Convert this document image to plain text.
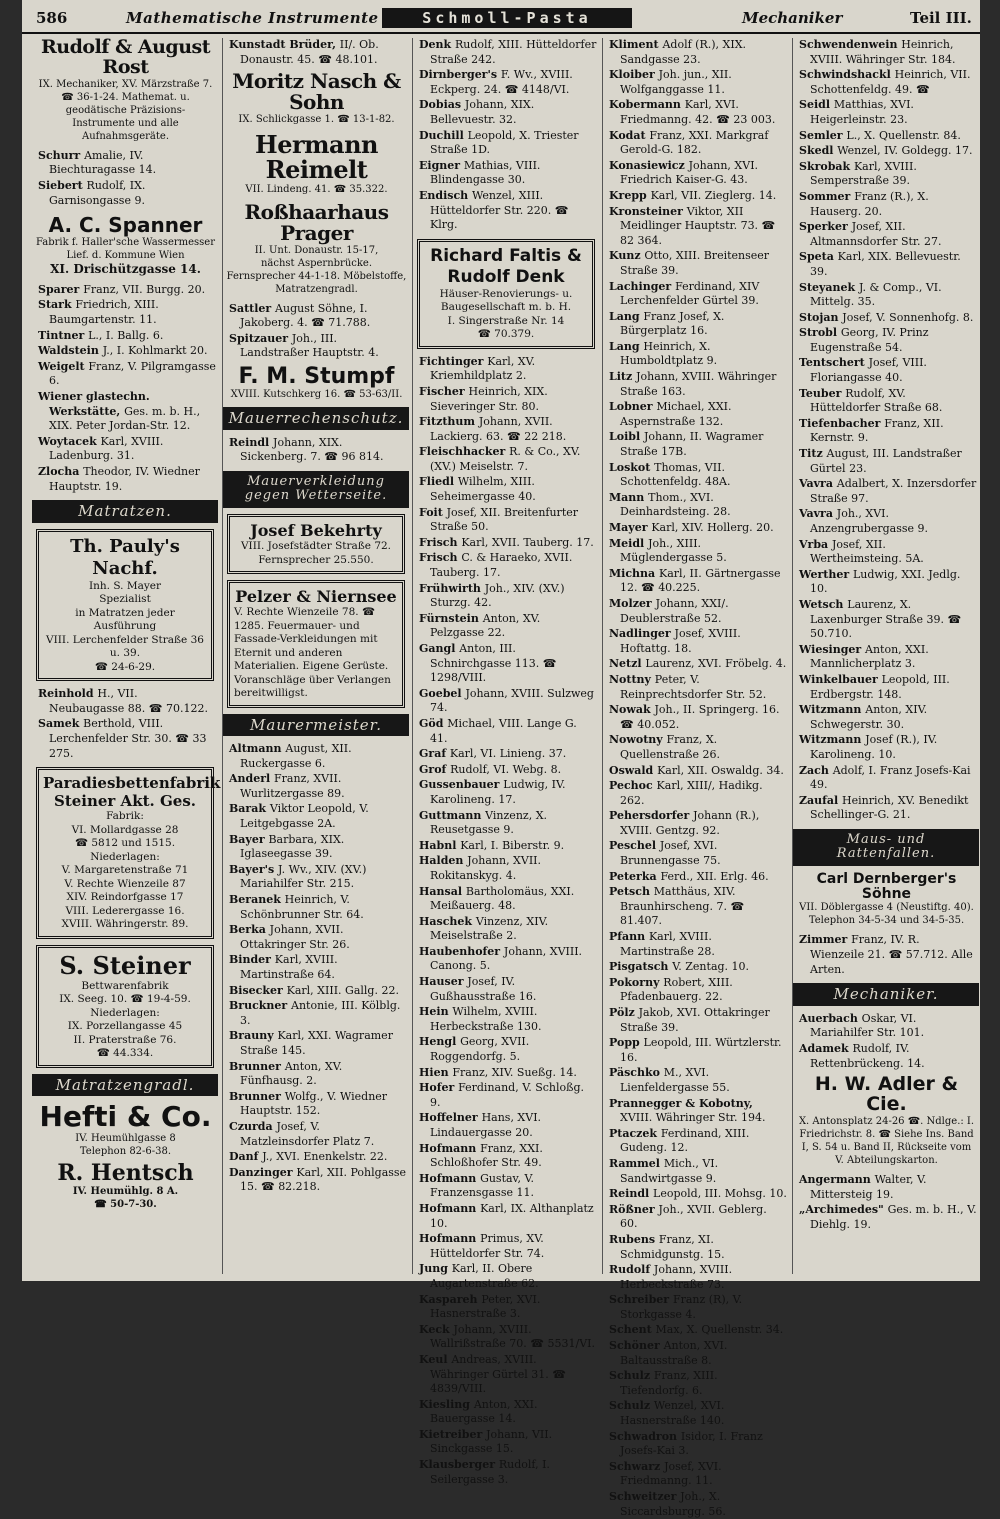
586	Mathematische Instrumente	Schmoll-Pasta	Mechaniker	Teil III.
Rudolf & August Rost
IX. Mechaniker, XV. Märzstraße 7. ☎ 36-1-24. Mathemat. u. geodätische Präzisions-Instrumente und alle Aufnahmsgeräte.
Schurr Amalie, IV. Biechturagasse 14.
Siebert Rudolf, IX. Garnisongasse 9.
A. C. Spanner
Fabrik f. Haller'sche Wassermesser Lief. d. Kommune Wien
XI. Drischützgasse 14.
Sparer Franz, VII. Burgg. 20.
Stark Friedrich, XIII. Baumgartenstr. 11.
Tintner L., I. Ballg. 6.
Waldstein J., I. Kohlmarkt 20.
Weigelt Franz, V. Pilgramgasse 6.
Wiener glastechn. Werkstätte, Ges. m. b. H., XIX. Peter Jordan-Str. 12.
Woytacek Karl, XVIII. Ladenburg. 31.
Zlocha Theodor, IV. Wiedner Hauptstr. 19.
Matratzen.
Th. Pauly's Nachf.
Inh. S. Mayer
Spezialist
in Matratzen jeder Ausführung
VIII. Lerchenfelder Straße 36 u. 39.
☎ 24-6-29.
Reinhold H., VII. Neubaugasse 88. ☎ 70.122.
Samek Berthold, VIII. Lerchenfelder Str. 30. ☎ 33 275.
Paradiesbettenfabrik Steiner Akt. Ges.
Fabrik:
VI. Mollardgasse 28
☎ 5812 und 1515.
Niederlagen:
V. Margaretenstraße 71
V. Rechte Wienzeile 87
XIV. Reindorfgasse 17
VIII. Lederergasse 16.
XVIII. Währingerstr. 89.
S. Steiner
Bettwarenfabrik
IX. Seeg. 10. ☎ 19-4-59.
Niederlagen:
IX. Porzellangasse 45
II. Praterstraße 76.
☎ 44.334.
Matratzengradl.
Hefti & Co.
IV. Heumühlgasse 8
Telephon 82-6-38.
R. Hentsch
IV. Heumühlg. 8 A.
☎ 50-7-30.
Kunstadt Brüder, II/. Ob. Donaustr. 45. ☎ 48.101.
Moritz Nasch & Sohn
IX. Schlickgasse 1. ☎ 13-1-82.
Hermann Reimelt
VII. Lindeng. 41. ☎ 35.322.
Roßhaarhaus Prager
II. Unt. Donaustr. 15-17,
nächst Aspernbrücke. Fernsprecher 44-1-18. Möbelstoffe, Matratzengradl.
Sattler August Söhne, I. Jakoberg. 4. ☎ 71.788.
Spitzauer Joh., III. Landstraßer Hauptstr. 4.
F. M. Stumpf
XVIII. Kutschkerg 16. ☎ 53-63/II.
Mauerrechenschutz.
Reindl Johann, XIX. Sickenberg. 7. ☎ 96 814.
Mauerverkleidung gegen Wetterseite.
Josef Bekehrty
VIII. Josefstädter Straße 72.
Fernsprecher 25.550.
Pelzer & Niernsee
V. Rechte Wienzeile 78. ☎ 1285. Feuermauer- und Fassade-Verkleidungen mit Eternit und anderen Materialien. Eigene Gerüste. Voranschläge über Verlangen bereitwilligst.
Maurermeister.
Altmann August, XII. Ruckergasse 6.
Anderl Franz, XVII. Wurlitzergasse 89.
Barak Viktor Leopold, V. Leitgebgasse 2A.
Bayer Barbara, XIX. Iglaseegasse 39.
Bayer's J. Wv., XIV. (XV.) Mariahilfer Str. 215.
Beranek Heinrich, V. Schönbrunner Str. 64.
Berka Johann, XVII. Ottakringer Str. 26.
Binder Karl, XVIII. Martinstraße 64.
Bisecker Karl, XIII. Gallg. 22.
Bruckner Antonie, III. Kölblg. 3.
Brauny Karl, XXI. Wagramer Straße 145.
Brunner Anton, XV. Fünfhausg. 2.
Brunner Wolfg., V. Wiedner Hauptstr. 152.
Czurda Josef, V. Matzleinsdorfer Platz 7.
Danf J., XVI. Enenkelstr. 22.
Danzinger Karl, XII. Pohlgasse 15. ☎ 82.218.
Denk Rudolf, XIII. Hütteldorfer Straße 242.
Dirnberger's F. Wv., XVIII. Eckperg. 24. ☎ 4148/VI.
Dobias Johann, XIX. Bellevuestr. 32.
Duchill Leopold, X. Triester Straße 1D.
Eigner Mathias, VIII. Blindengasse 30.
Endisch Wenzel, XIII. Hütteldorfer Str. 220. ☎ Klrg.
Richard Faltis & Rudolf Denk
Häuser-Renovierungs- u. Baugesellschaft m. b. H.
I. Singerstraße Nr. 14
☎ 70.379.
Fichtinger Karl, XV. Kriemhildplatz 2.
Fischer Heinrich, XIX. Sieveringer Str. 80.
Fitzthum Johann, XVII. Lackierg. 63. ☎ 22 218.
Fleischhacker R. & Co., XV. (XV.) Meiselstr. 7.
Fliedl Wilhelm, XIII. Seheimergasse 40.
Foit Josef, XII. Breitenfurter Straße 50.
Frisch Karl, XVII. Tauberg. 17.
Frisch C. & Haraeko, XVII. Tauberg. 17.
Frühwirth Joh., XIV. (XV.) Sturzg. 42.
Fürnstein Anton, XV. Pelzgasse 22.
Gangl Anton, III. Schnirchgasse 113. ☎ 1298/VIII.
Goebel Johann, XVIII. Sulzweg 74.
Göd Michael, VIII. Lange G. 41.
Graf Karl, VI. Linieng. 37.
Grof Rudolf, VI. Webg. 8.
Gussenbauer Ludwig, IV. Karolineng. 17.
Guttmann Vinzenz, X. Reusetgasse 9.
Habnl Karl, I. Biberstr. 9.
Halden Johann, XVII. Rokitanskyg. 4.
Hansal Bartholomäus, XXI. Meißauerg. 48.
Haschek Vinzenz, XIV. Meiselstraße 2.
Haubenhofer Johann, XVIII. Canong. 5.
Hauser Josef, IV. Gußhausstraße 16.
Hein Wilhelm, XVIII. Herbeckstraße 130.
Hengl Georg, XVII. Roggendorfg. 5.
Hien Franz, XIV. Sueßg. 14.
Hofer Ferdinand, V. Schloßg. 9.
Hoffelner Hans, XVI. Lindauergasse 20.
Hofmann Franz, XXI. Schloßhofer Str. 49.
Hofmann Gustav, V. Franzensgasse 11.
Hofmann Karl, IX. Althanplatz 10.
Hofmann Primus, XV. Hütteldorfer Str. 74.
Jung Karl, II. Obere Augartenstraße 62.
Kaspareh Peter, XVI. Hasnerstraße 3.
Keck Johann, XVIII. Wallrißstraße 70. ☎ 5531/VI.
Keul Andreas, XVIII. Währinger Gürtel 31. ☎ 4839/VIII.
Kiesling Anton, XXI. Bauergasse 14.
Kietreiber Johann, VII. Sinckgasse 15.
Klausberger Rudolf, I. Seilergasse 3.
Kliment Adolf (R.), XIX. Sandgasse 23.
Kloiber Joh. jun., XII. Wolfganggasse 11.
Kobermann Karl, XVI. Friedmanng. 42. ☎ 23 003.
Kodat Franz, XXI. Markgraf Gerold-G. 182.
Konasiewicz Johann, XVI. Friedrich Kaiser-G. 43.
Krepp Karl, VII. Zieglerg. 14.
Kronsteiner Viktor, XII Meidlinger Hauptstr. 73. ☎ 82 364.
Kunz Otto, XIII. Breitenseer Straße 39.
Lachinger Ferdinand, XIV Lerchenfelder Gürtel 39.
Lang Franz Josef, X. Bürgerplatz 16.
Lang Heinrich, X. Humboldtplatz 9.
Litz Johann, XVIII. Währinger Straße 163.
Lobner Michael, XXI. Aspernstraße 132.
Loibl Johann, II. Wagramer Straße 17B.
Loskot Thomas, VII. Schottenfeldg. 48A.
Mann Thom., XVI. Deinhardsteing. 28.
Mayer Karl, XIV. Hollerg. 20.
Meidl Joh., XIII. Müglendergasse 5.
Michna Karl, II. Gärtnergasse 12. ☎ 40.225.
Molzer Johann, XXI/. Deublerstraße 52.
Nadlinger Josef, XVIII. Hoftattg. 18.
Netzl Laurenz, XVI. Fröbelg. 4.
Nottny Peter, V. Reinprechtsdorfer Str. 52.
Nowak Joh., II. Springerg. 16. ☎ 40.052.
Nowotny Franz, X. Quellenstraße 26.
Oswald Karl, XII. Oswaldg. 34.
Pechoc Karl, XIII/, Hadikg. 262.
Pehersdorfer Johann (R.), XVIII. Gentzg. 92.
Peschel Josef, XVI. Brunnengasse 75.
Peterka Ferd., XII. Erlg. 46.
Petsch Matthäus, XIV. Braunhirscheng. 7. ☎ 81.407.
Pfann Karl, XVIII. Martinstraße 28.
Pisgatsch V. Zentag. 10.
Pokorny Robert, XIII. Pfadenbauerg. 22.
Pölz Jakob, XVI. Ottakringer Straße 39.
Popp Leopold, III. Würtzlerstr. 16.
Päschko M., XVI. Lienfeldergasse 55.
Prannegger & Kobotny, XVIII. Währinger Str. 194.
Ptaczek Ferdinand, XIII. Gudeng. 12.
Rammel Mich., VI. Sandwirtgasse 9.
Reindl Leopold, III. Mohsg. 10.
Rößner Joh., XVII. Geblerg. 60.
Rubens Franz, XI. Schmidgunstg. 15.
Rudolf Johann, XVIII. Herbeckstraße 73.
Schreiber Franz (R), V. Storkgasse 4.
Schent Max, X. Quellenstr. 34.
Schöner Anton, XVI. Baltausstraße 8.
Schulz Franz, XIII. Tiefendorfg. 6.
Schulz Wenzel, XVI. Hasnerstraße 140.
Schwadron Isidor, I. Franz Josefs-Kai 3.
Schwarz Josef, XVI. Friedmanng. 11.
Schweitzer Joh., X. Siccardsburgg. 56.
Schwendenwein Heinrich, XVIII. Währinger Str. 184.
Schwindshackl Heinrich, VII. Schottenfeldg. 49. ☎
Seidl Matthias, XVI. Heigerleinstr. 23.
Semler L., X. Quellenstr. 84.
Skedl Wenzel, IV. Goldegg. 17.
Skrobak Karl, XVIII. Semperstraße 39.
Sommer Franz (R.), X. Hauserg. 20.
Sperker Josef, XII. Altmannsdorfer Str. 27.
Speta Karl, XIX. Bellevuestr. 39.
Steyanek J. & Comp., VI. Mittelg. 35.
Stojan Josef, V. Sonnenhofg. 8.
Strobl Georg, IV. Prinz Eugenstraße 54.
Tentschert Josef, VIII. Floriangasse 40.
Teuber Rudolf, XV. Hütteldorfer Straße 68.
Tiefenbacher Franz, XII. Kernstr. 9.
Titz August, III. Landstraßer Gürtel 23.
Vavra Adalbert, X. Inzersdorfer Straße 97.
Vavra Joh., XVI. Anzengrubergasse 9.
Vrba Josef, XII. Wertheimsteing. 5A.
Werther Ludwig, XXI. Jedlg. 10.
Wetsch Laurenz, X. Laxenburger Straße 39. ☎ 50.710.
Wiesinger Anton, XXI. Mannlicherplatz 3.
Winkelbauer Leopold, III. Erdbergstr. 148.
Witzmann Anton, XIV. Schwegerstr. 30.
Witzmann Josef (R.), IV. Karolineng. 10.
Zach Adolf, I. Franz Josefs-Kai 49.
Zaufal Heinrich, XV. Benedikt Schellinger-G. 21.
Maus- und Rattenfallen.
Carl Dernberger's Söhne
VII. Döblergasse 4 (Neustiftg. 40). Telephon 34-5-34 und 34-5-35.
Zimmer Franz, IV. R. Wienzeile 21. ☎ 57.712. Alle Arten.
Mechaniker.
Auerbach Oskar, VI. Mariahilfer Str. 101.
Adamek Rudolf, IV. Rettenbrückeng. 14.
H. W. Adler & Cie.
X. Antonsplatz 24-26 ☎. Ndlge.: I. Friedrichstr. 8. ☎ Siehe Ins. Band I, S. 54 u. Band II, Rückseite vom V. Abteilungskarton.
Angermann Walter, V. Mittersteig 19.
„Archimedes" Ges. m. b. H., V. Diehlg. 19.
